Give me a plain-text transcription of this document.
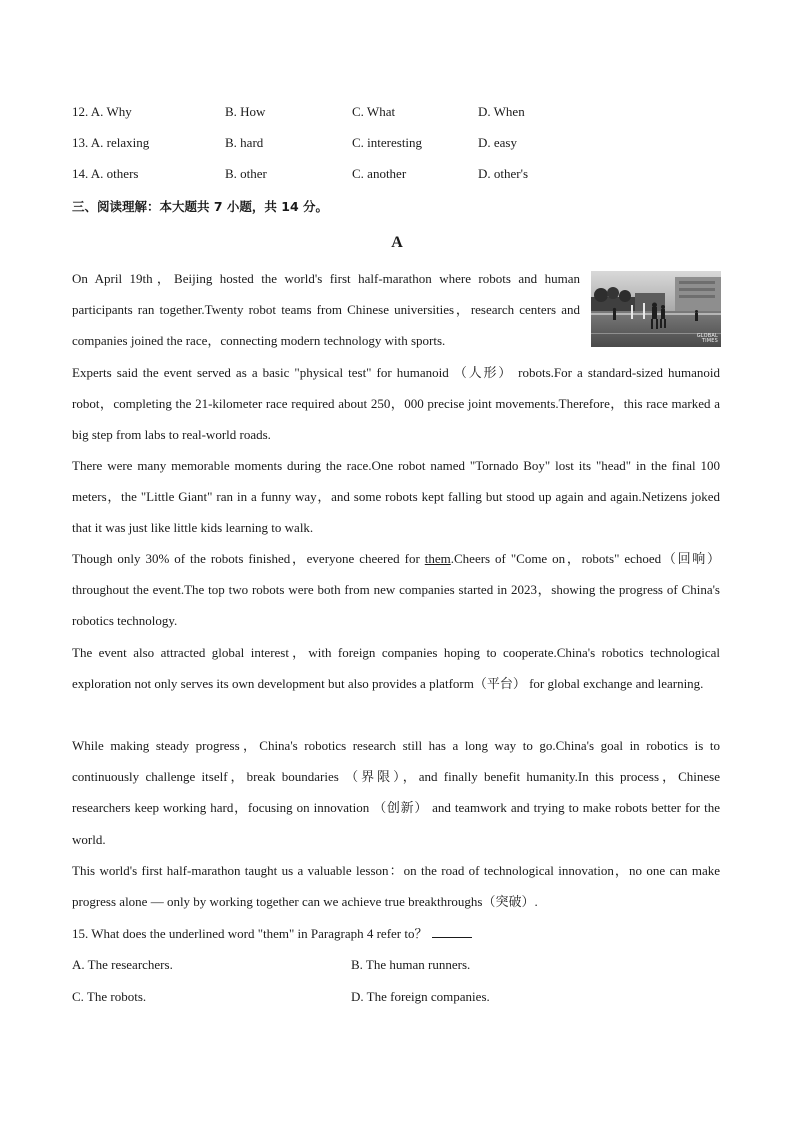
12. A. Why	B. How	C. What	D. When
13. A. relaxing	B. hard	C. interesting	D. easy
14. A. others	B. other	C. another	D. other's
三、阅读理解：本大题共 7 小题，共 14 分。
A
GLOBAL
TIMES

On April 19th，Beijing hosted the world's first half-marathon where robots and human participants ran together.Twenty robot teams from Chinese universities，research centers and companies joined the race，connecting modern technology with sports.

Experts said the event served as a basic "physical test" for humanoid （人形） robots.For a standard-sized humanoid robot，completing the 21-kilometer race required about 250，000 precise joint movements.Therefore，this race marked a big step from labs to real-world roads.

There were many memorable moments during the race.One robot named "Tornado Boy" lost its "head" in the final 100 meters，the "Little Giant" ran in a funny way，and some robots kept falling but stood up again and again.Netizens joked that it was just like little kids learning to walk.

Though only 30% of the robots finished，everyone cheered for them.Cheers of "Come on，robots" echoed（回响） throughout the event.The top two robots were both from new companies started in 2023，showing the progress of China's robotics technology.

The event also attracted global interest，with foreign companies hoping to cooperate.China's robotics technological exploration not only serves its own development but also provides a platform（平台） for global exchange and learning.

While making steady progress，China's robotics research still has a long way to go.China's goal in robotics is to continuously challenge itself，break boundaries （界限），and finally benefit humanity.In this process，Chinese researchers keep working hard，focusing on innovation （创新） and teamwork and trying to make robots better for the world.

This world's first half-marathon taught us a valuable lesson：on the road of technological innovation，no one can make progress alone — only by working together can we achieve true breakthroughs（突破）.

15. What does the underlined word "them" in Paragraph 4 refer to？
A. The researchers.	B. The human runners.
C. The robots.	D. The foreign companies.
